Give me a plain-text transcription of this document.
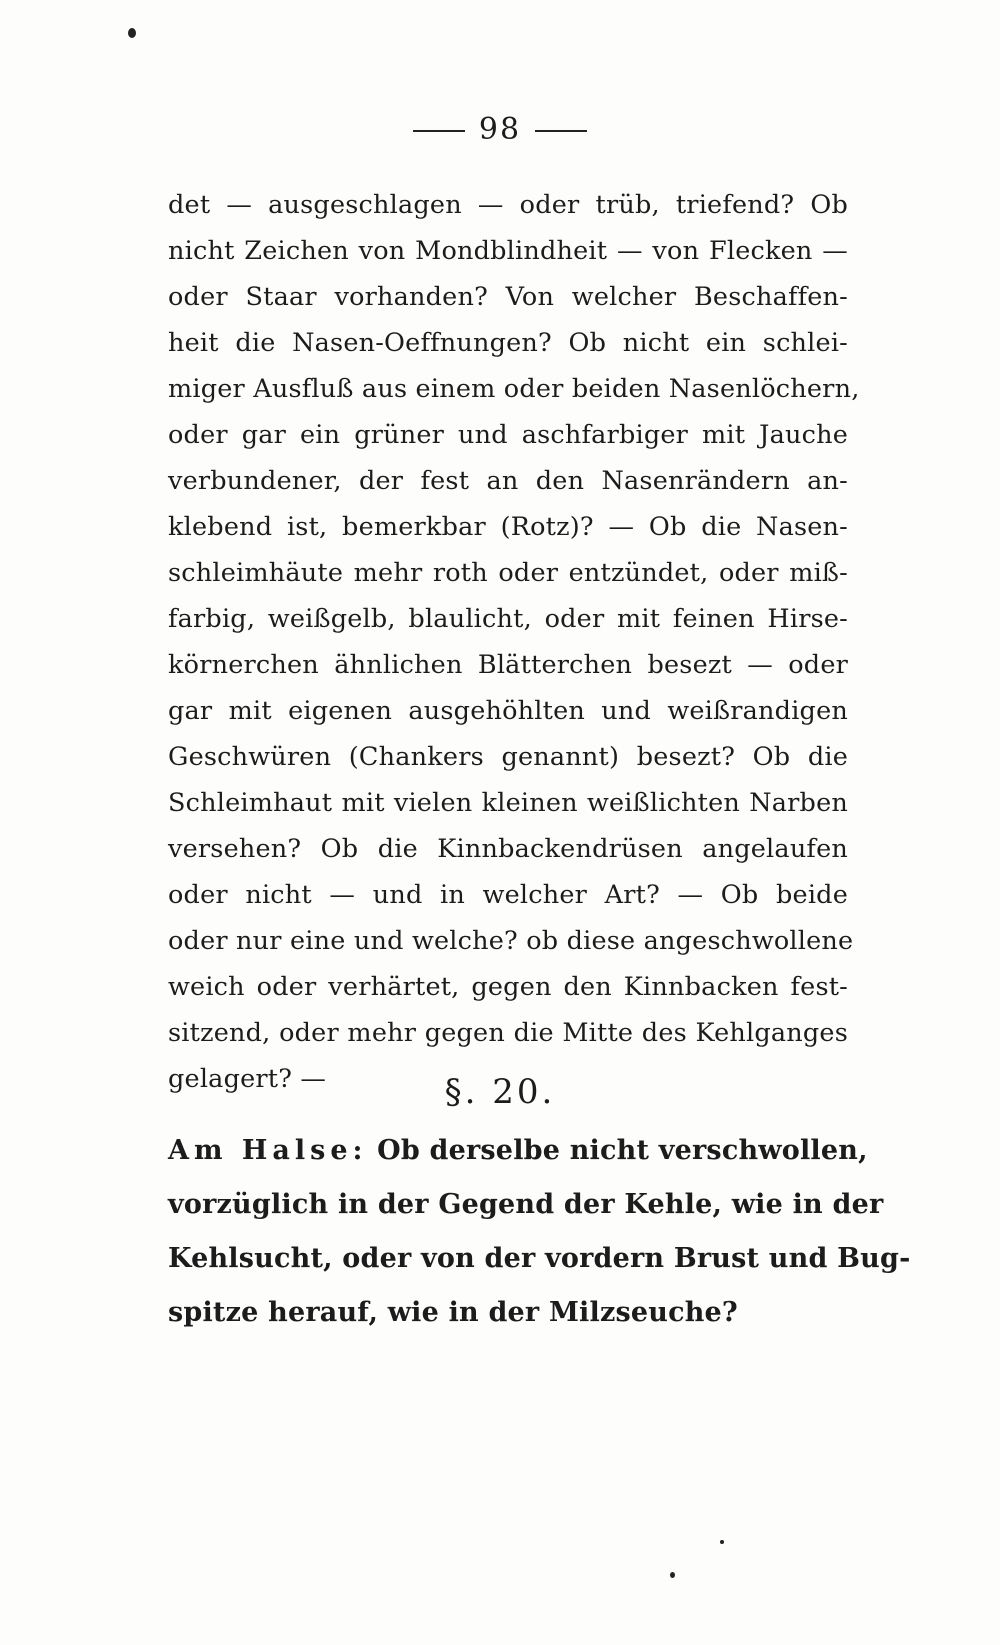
98
det — ausgeschlagen — oder trüb, triefend? Ob
nicht Zeichen von Mondblindheit — von Flecken —
oder Staar vorhanden? Von welcher Beschaffen-
heit die Nasen-Oeffnungen? Ob nicht ein schlei-
miger Ausfluß aus einem oder beiden Nasenlöchern,
oder gar ein grüner und aschfarbiger mit Jauche
verbundener, der fest an den Nasenrändern an-
klebend ist, bemerkbar (Rotz)? — Ob die Nasen-
schleimhäute mehr roth oder entzündet, oder miß-
farbig, weißgelb, blaulicht, oder mit feinen Hirse-
körnerchen ähnlichen Blätterchen besezt — oder
gar mit eigenen ausgehöhlten und weißrandigen
Geschwüren (Chankers genannt) besezt? Ob die
Schleimhaut mit vielen kleinen weißlichten Narben
versehen? Ob die Kinnbackendrüsen angelaufen
oder nicht — und in welcher Art? — Ob beide
oder nur eine und welche? ob diese angeschwollene
weich oder verhärtet, gegen den Kinnbacken fest-
sitzend, oder mehr gegen die Mitte des Kehlganges
gelagert? —	§. 20.
Am Halse: Ob derselbe nicht verschwollen,
vorzüglich in der Gegend der Kehle, wie in der
Kehlsucht, oder von der vordern Brust und Bug-
spitze herauf, wie in der Milzseuche?
